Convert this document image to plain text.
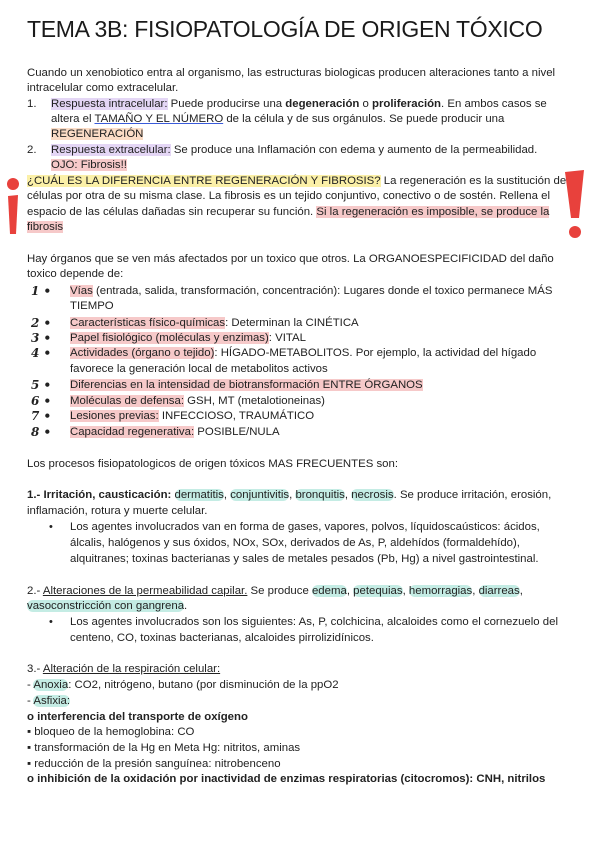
TEMA 3B: FISIOPATOLOGÍA DE ORIGEN TÓXICO
Cuando un xenobiotico entra al organismo, las estructuras biologicas producen alteraciones tanto a nivel
intracelular como extracelular.
1. Respuesta intracelular: Puede producirse una degeneración o proliferación. En ambos casos se
altera el TAMAÑO Y EL NÚMERO de la célula y de sus orgánulos. Se puede producir una
REGENERACIÓN
2. Respuesta extracelular: Se produce una Inflamación con edema y aumento de la permeabilidad.
OJO: Fibrosis!!
¿CUÁL ES LA DIFERENCIA ENTRE REGENERACIÓN Y FIBROSIS? La regeneración es la sustitución de
células por otra de su misma clase. La fibrosis es un tejido conjuntivo, conectivo o de sostén. Rellena el
espacio de las células dañadas sin recuperar su función. Si la regeneración es imposible, se produce la
fibrosis
Hay órganos que se ven más afectados por un toxico que otros. La ORGANOESPECIFICIDAD del daño
toxico depende de:
1 • Vías (entrada, salida, transformación, concentración): Lugares donde el toxico permanece MÁS
TIEMPO
2 • Características físico-químicas: Determinan la CINÉTICA
3 • Papel fisiológico (moléculas y enzimas): VITAL
4 • Actividades (órgano o tejido): HÍGADO-METABOLITOS. Por ejemplo, la actividad del hígado
favorece la generación local de metabolitos activos
5 • Diferencias en la intensidad de biotransformación ENTRE ÓRGANOS
6 • Moléculas de defensa: GSH, MT (metalotioneinas)
7 • Lesiones previas: INFECCIOSO, TRAUMÁTICO
8 • Capacidad regenerativa: POSIBLE/NULA
Los procesos fisiopatologicos de origen tóxicos MAS FRECUENTES son:
1.- Irritación, causticación: dermatitis, conjuntivitis, bronquitis, necrosis. Se produce irritación, erosión,
inflamación, rotura y muerte celular.
• Los agentes involucrados van en forma de gases, vapores, polvos, líquidoscaústicos: ácidos,
álcalis, halógenos y sus óxidos, NOx, SOx, derivados de As, P, aldehídos (formaldehído),
alquitranes; toxinas bacterianas y sales de metales pesados (Pb, Hg) a nivel gastrointestinal.
2.- Alteraciones de la permeabilidad capilar. Se produce edema, petequias, hemorragias, diarreas,
vasoconstricción con gangrena.
• Los agentes involucrados son los siguientes: As, P, colchicina, alcaloides como el cornezuelo del
centeno, CO, toxinas bacterianas, alcaloides pirrolizidínicos.
3.- Alteración de la respiración celular:
- Anoxia: CO2, nitrógeno, butano (por disminución de la ppO2
- Asfixia:
o interferencia del transporte de oxígeno
▪ bloqueo de la hemoglobina: CO
▪ transformación de la Hg en Meta Hg: nitritos, aminas
▪ reducción de la presión sanguínea: nitrobenceno
o inhibición de la oxidación por inactividad de enzimas respiratorias (citocromos): CNH, nitrilos
